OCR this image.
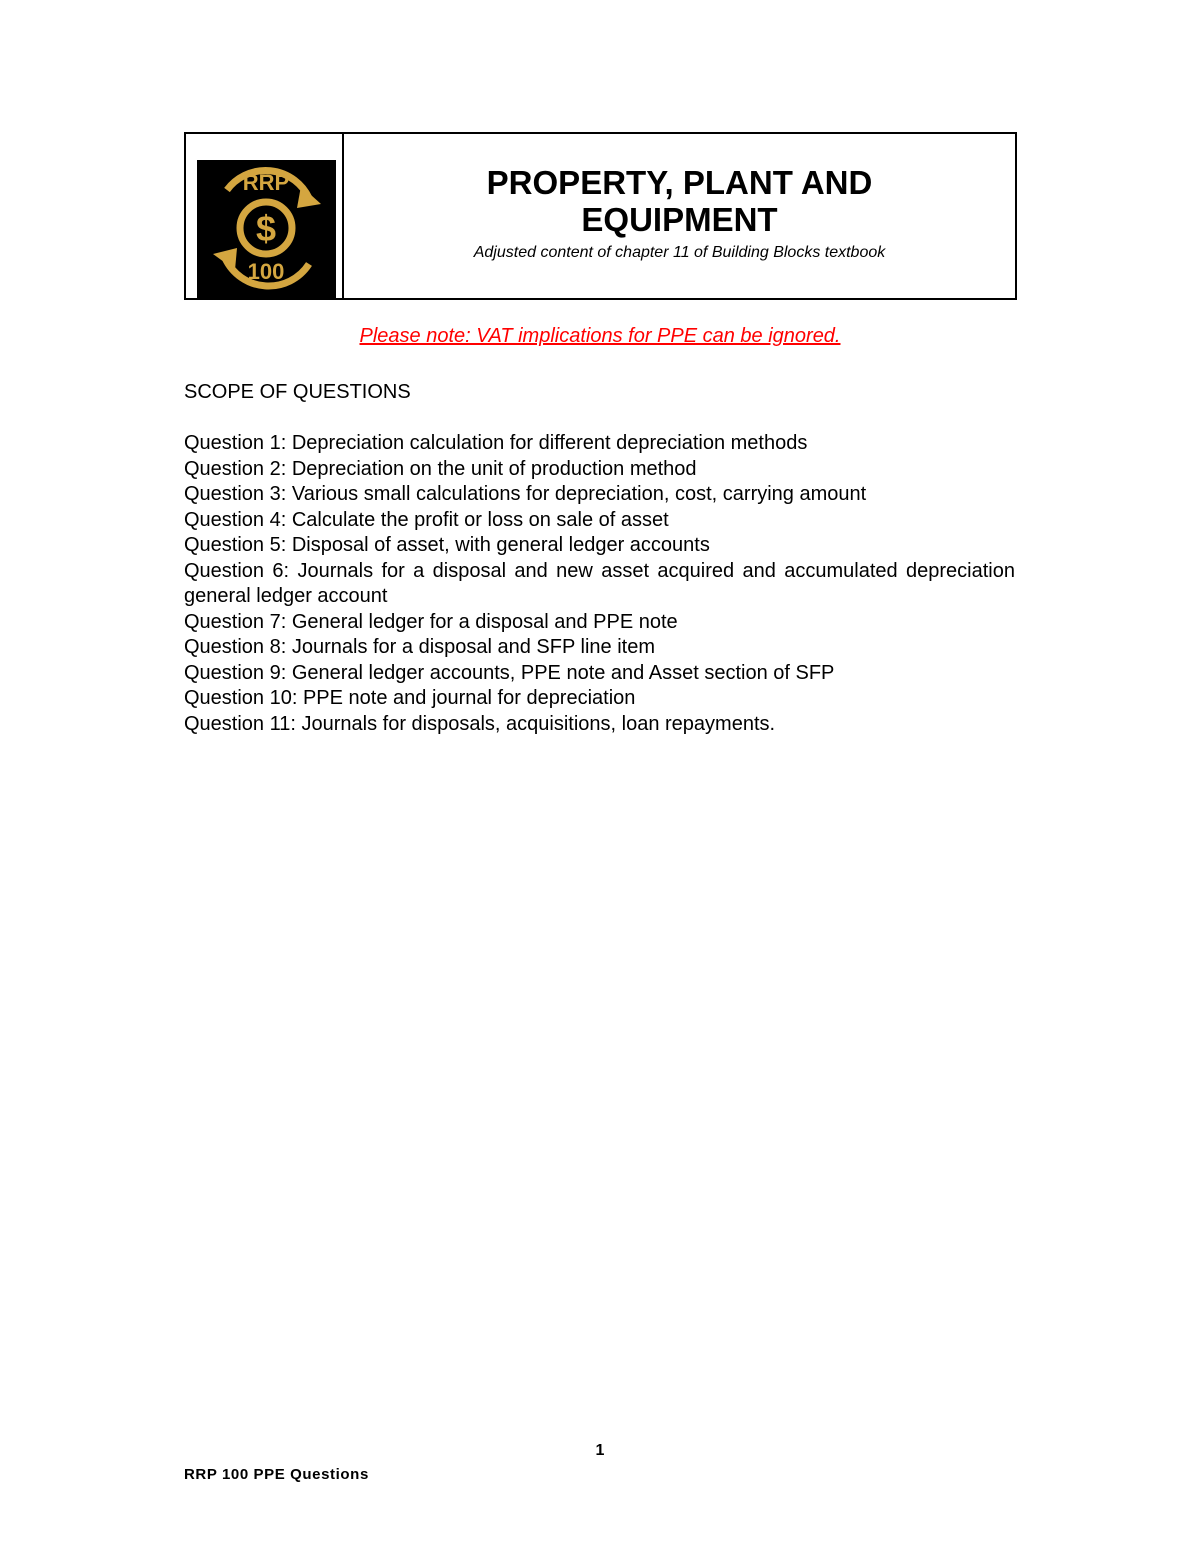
$
RRP
100
PROPERTY, PLANT AND
EQUIPMENT
Adjusted content of chapter 11 of Building Blocks textbook
Please note: VAT implications for PPE can be ignored.
SCOPE OF QUESTIONS
Question 1: Depreciation calculation for different depreciation methods
Question 2: Depreciation on the unit of production method
Question 3: Various small calculations for depreciation, cost, carrying amount
Question 4: Calculate the profit or loss on sale of asset
Question 5: Disposal of asset, with general ledger accounts
Question 6: Journals for a disposal and new asset acquired and accumulated depreciation general ledger account
Question 7: General ledger for a disposal and PPE note
Question 8: Journals for a disposal and SFP line item
Question 9: General ledger accounts, PPE note and Asset section of SFP
Question 10: PPE note and journal for depreciation
Question 11: Journals for disposals, acquisitions, loan repayments.
1
RRP 100 PPE Questions
